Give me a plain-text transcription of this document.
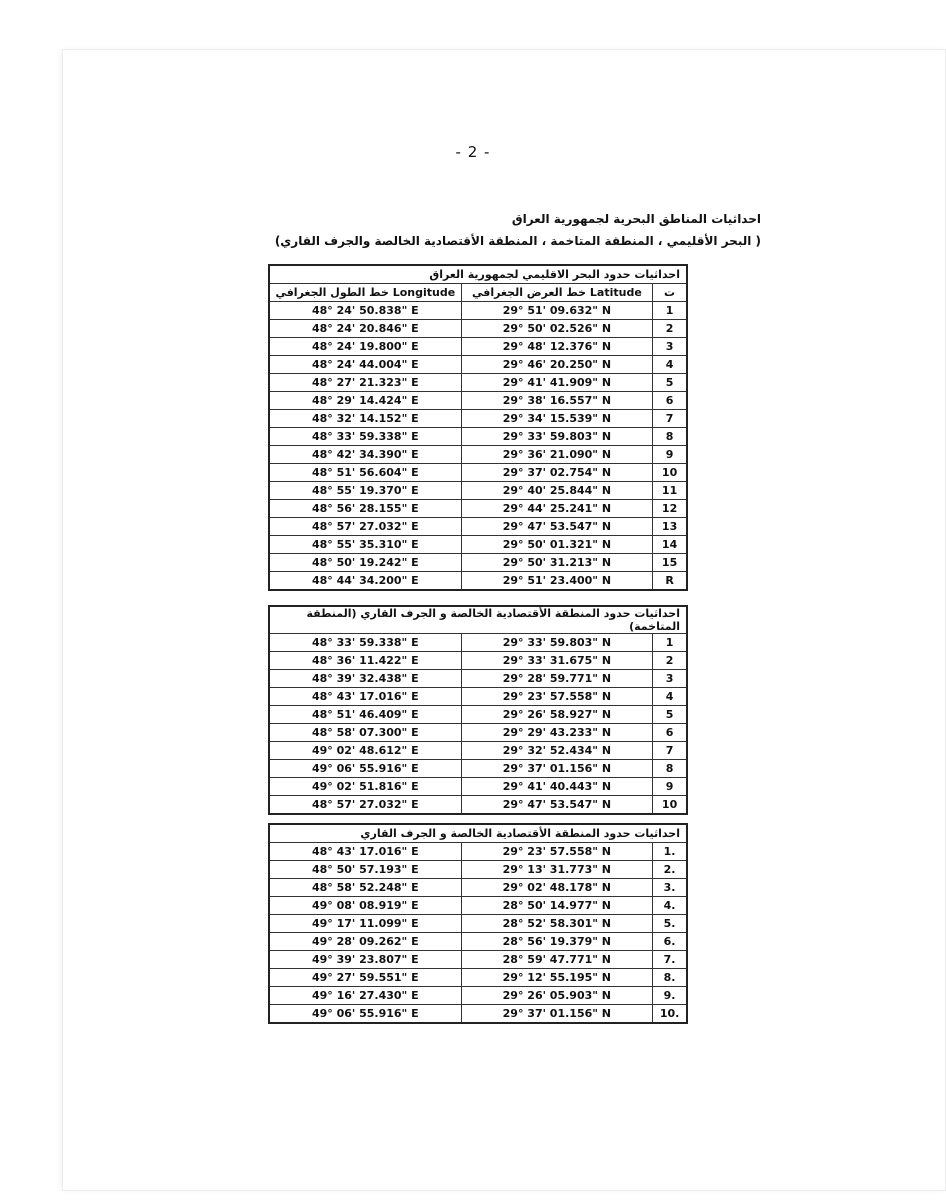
- 2 -
احداثيات المناطق البحرية لجمهورية العراق
( البحر الأقليمي ، المنطقة المتاخمة ، المنطقة الأقتصادية الخالصة والجرف القاري)
احداثيات حدود البحر الاقليمي لجمهورية العراق		
خط الطول الجغرافي Longitude	خط العرض الجغرافي Latitude	ت
48° 24' 50.838" E	29° 51' 09.632" N	1
48° 24' 20.846" E	29° 50' 02.526" N	2
48° 24' 19.800" E	29° 48' 12.376" N	3
48° 24' 44.004" E	29° 46' 20.250" N	4
48° 27' 21.323" E	29° 41' 41.909" N	5
48° 29' 14.424" E	29° 38' 16.557" N	6
48° 32' 14.152" E	29° 34' 15.539" N	7
48° 33' 59.338" E	29° 33' 59.803" N	8
48° 42' 34.390" E	29° 36' 21.090" N	9
48° 51' 56.604" E	29° 37' 02.754" N	10
48° 55' 19.370" E	29° 40' 25.844" N	11
48° 56' 28.155" E	29° 44' 25.241" N	12
48° 57' 27.032" E	29° 47' 53.547" N	13
48° 55' 35.310" E	29° 50' 01.321" N	14
48° 50' 19.242" E	29° 50' 31.213" N	15
48° 44' 34.200" E	29° 51' 23.400" N	R
احداثيات حدود المنطقة الأقتصادية الخالصة و الجرف القاري (المنطقة المتاخمة)		
48° 33' 59.338" E	29° 33' 59.803" N	1
48° 36' 11.422" E	29° 33' 31.675" N	2
48° 39' 32.438" E	29° 28' 59.771" N	3
48° 43' 17.016" E	29° 23' 57.558" N	4
48° 51' 46.409" E	29° 26' 58.927" N	5
48° 58' 07.300" E	29° 29' 43.233" N	6
49° 02' 48.612" E	29° 32' 52.434" N	7
49° 06' 55.916" E	29° 37' 01.156" N	8
49° 02' 51.816" E	29° 41' 40.443" N	9
48° 57' 27.032" E	29° 47' 53.547" N	10
احداثيات حدود المنطقة الأقتصادية الخالصة و الجرف القاري		
48° 43' 17.016" E	29° 23' 57.558" N	1.
48° 50' 57.193" E	29° 13' 31.773" N	2.
48° 58' 52.248" E	29° 02' 48.178" N	3.
49° 08' 08.919" E	28° 50' 14.977" N	4.
49° 17' 11.099" E	28° 52' 58.301" N	5.
49° 28' 09.262" E	28° 56' 19.379" N	6.
49° 39' 23.807" E	28° 59' 47.771" N	7.
49° 27' 59.551" E	29° 12' 55.195" N	8.
49° 16' 27.430" E	29° 26' 05.903" N	9.
49° 06' 55.916" E	29° 37' 01.156" N	10.
